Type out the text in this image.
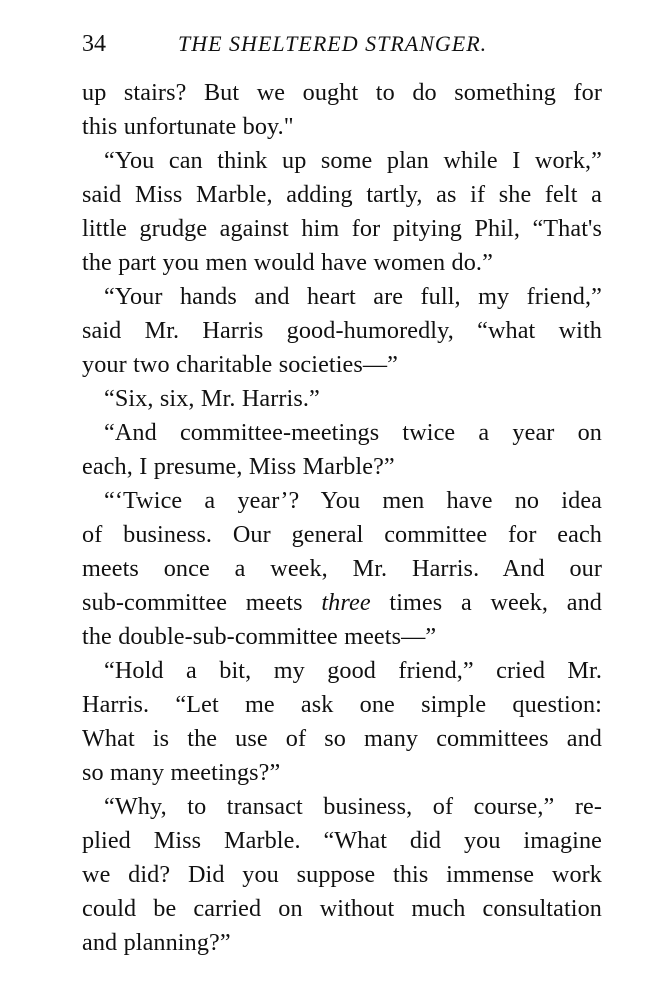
34	THE SHELTERED STRANGER.
up stairs? But we ought to do something for
this unfortunate boy."
“You can think up some plan while I work,”
said Miss Marble, adding tartly, as if she felt a
little grudge against him for pitying Phil, “That's
the part you men would have women do.”
“Your hands and heart are full, my friend,”
said Mr. Harris good-humoredly, “what with
your two charitable societies—”
“Six, six, Mr. Harris.”
“And committee-meetings twice a year on
each, I presume, Miss Marble?”
“‘Twice a year’? You men have no idea
of business. Our general committee for each
meets once a week, Mr. Harris. And our
sub-committee meets three times a week, and
the double-sub-committee meets—”
“Hold a bit, my good friend,” cried Mr.
Harris. “Let me ask one simple question:
What is the use of so many committees and
so many meetings?”
“Why, to transact business, of course,” re-
plied Miss Marble. “What did you imagine
we did? Did you suppose this immense work
could be carried on without much consultation
and planning?”
